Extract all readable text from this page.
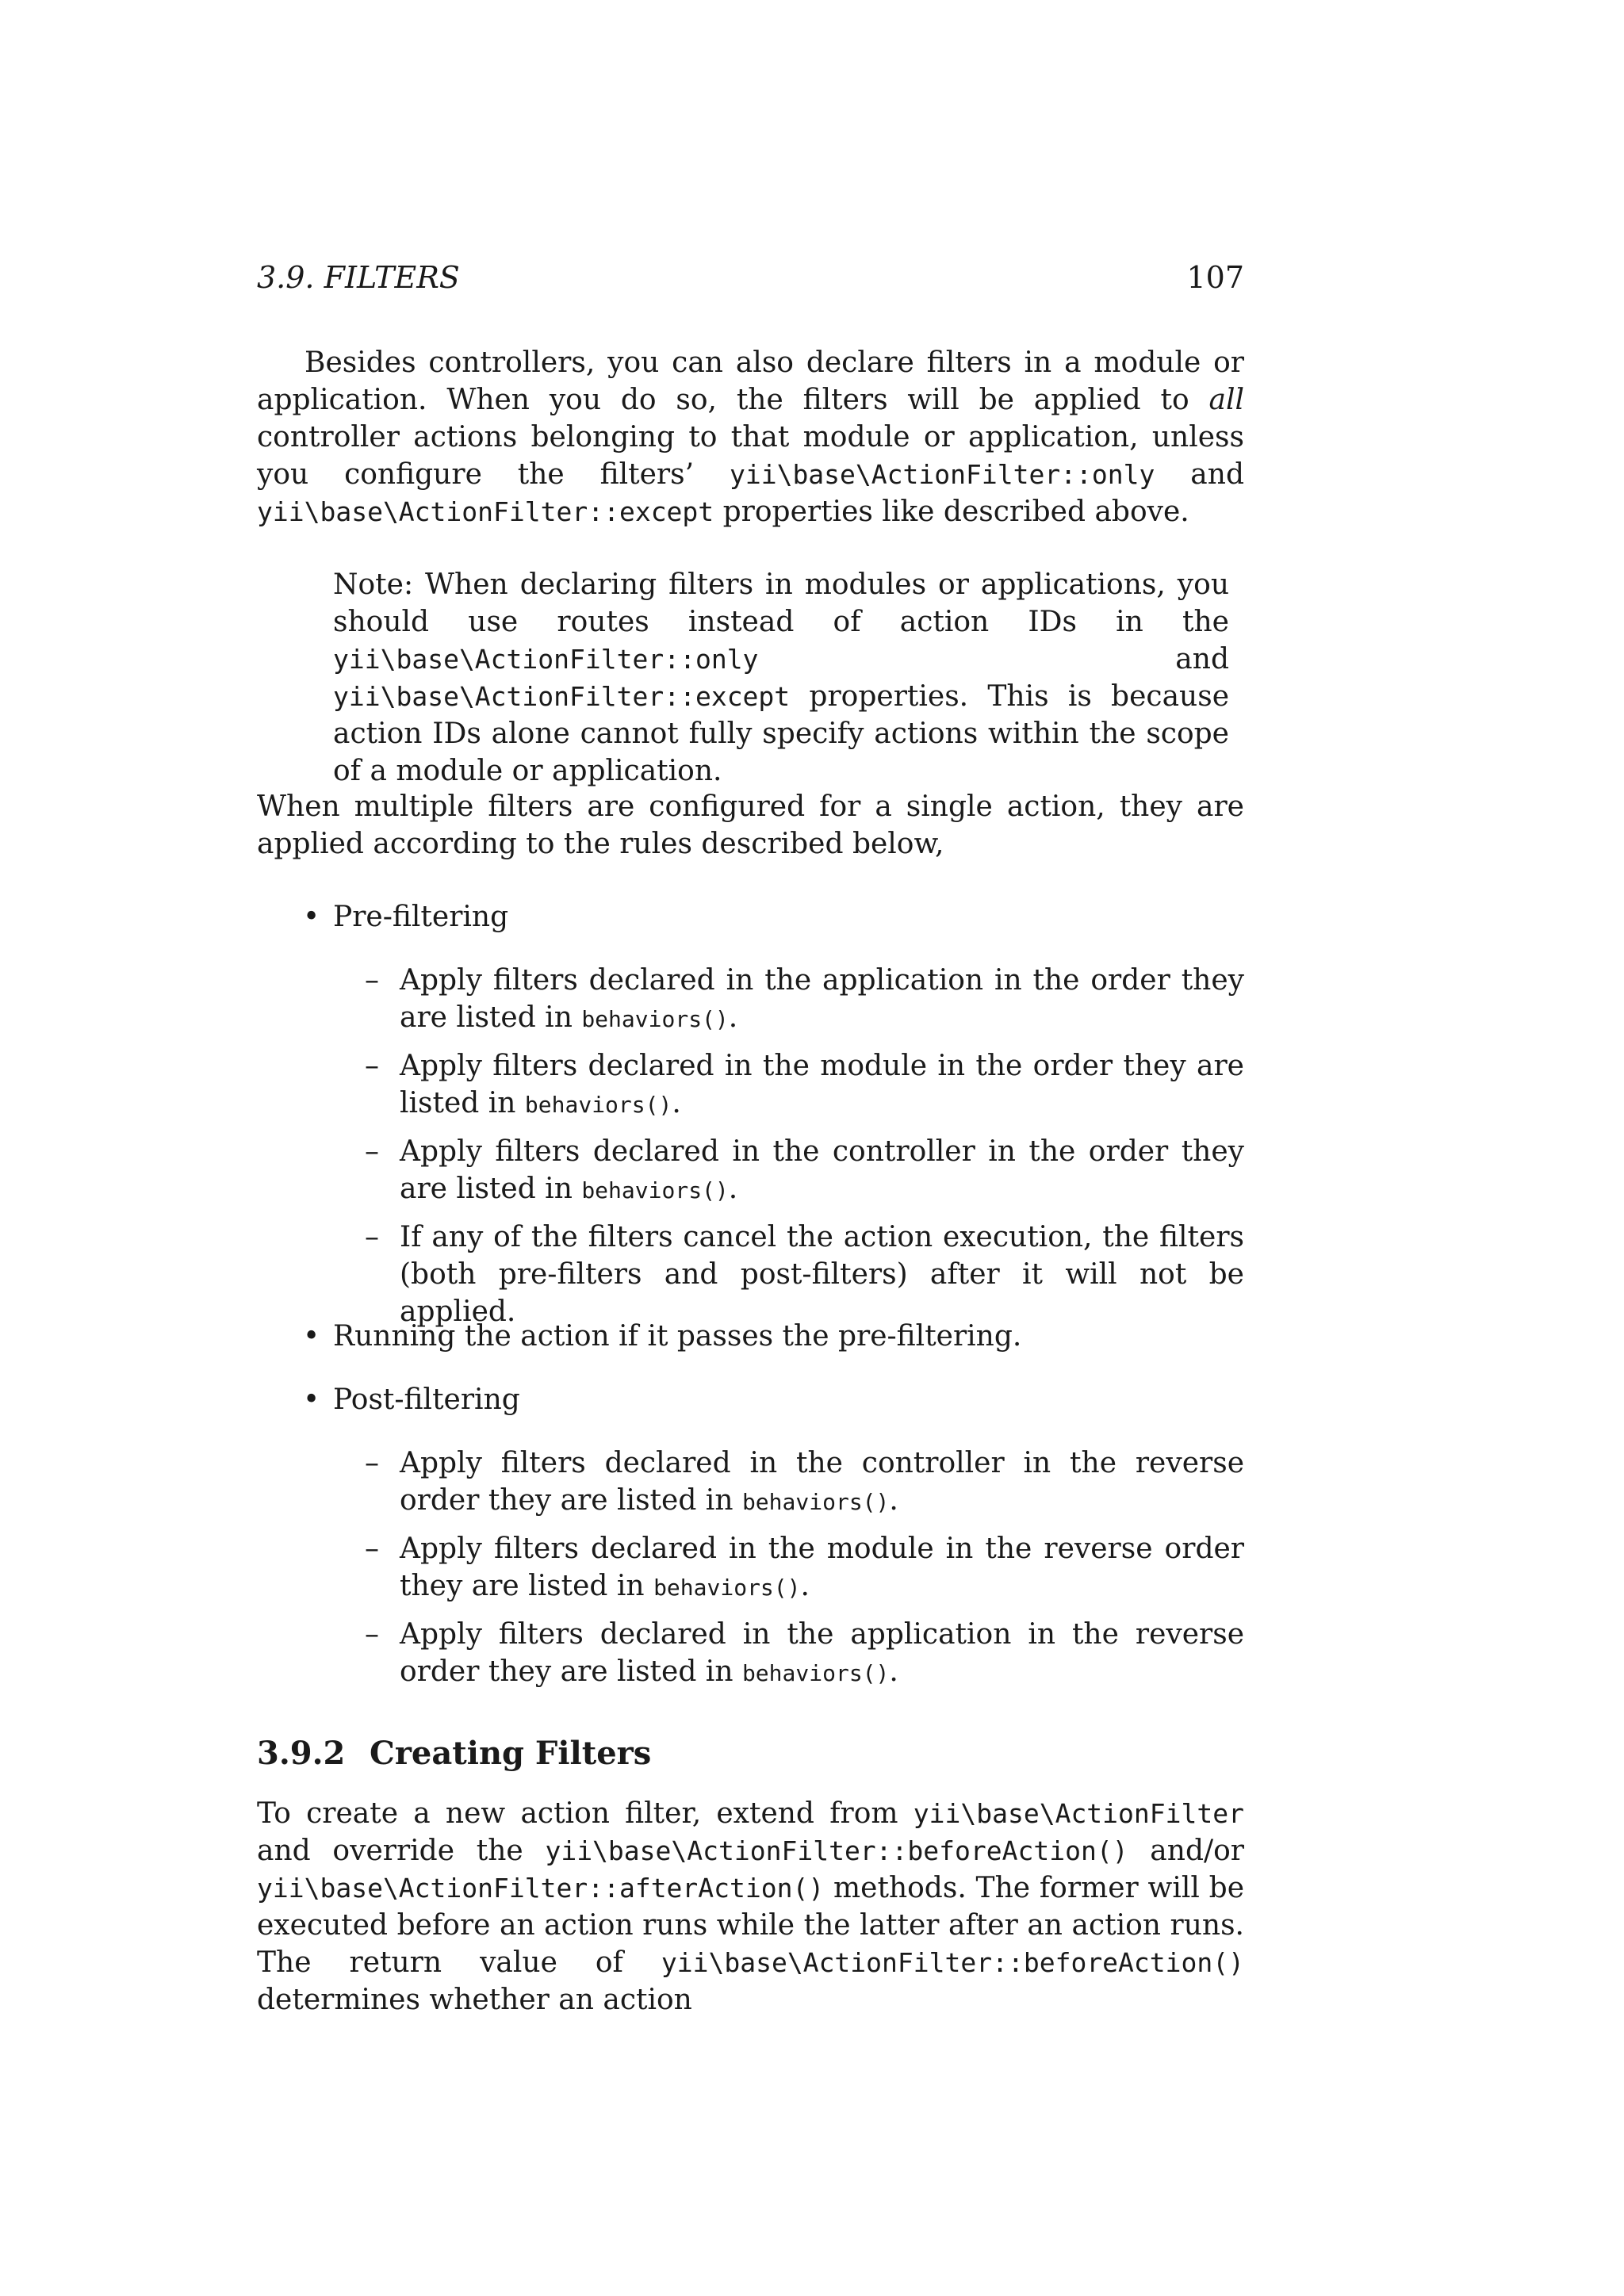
3.9. FILTERS	107

Besides controllers, you can also declare filters in a module or application. When you do so, the filters will be applied to all controller actions belonging to that module or application, unless you configure the filters’ yii\base\ActionFilter::only and yii\base\ActionFilter::except properties like described above.

Note: When declaring filters in modules or applications, you should use routes instead of action IDs in the yii\base\ActionFilter::only and yii\base\ActionFilter::except properties. This is because action IDs alone cannot fully specify actions within the scope of a module or application.

When multiple filters are configured for a single action, they are applied according to the rules described below,

• Pre-filtering
– Apply filters declared in the application in the order they are listed in behaviors().
– Apply filters declared in the module in the order they are listed in behaviors().
– Apply filters declared in the controller in the order they are listed in behaviors().
– If any of the filters cancel the action execution, the filters (both pre-filters and post-filters) after it will not be applied.
• Running the action if it passes the pre-filtering.
• Post-filtering
– Apply filters declared in the controller in the reverse order they are listed in behaviors().
– Apply filters declared in the module in the reverse order they are listed in behaviors().
– Apply filters declared in the application in the reverse order they are listed in behaviors().
3.9.2 Creating Filters

To create a new action filter, extend from yii\base\ActionFilter and override the yii\base\ActionFilter::beforeAction() and/or yii\base\ActionFilter::afterAction() methods. The former will be executed before an action runs while the latter after an action runs. The return value of yii\base\ActionFilter::beforeAction() determines whether an action
